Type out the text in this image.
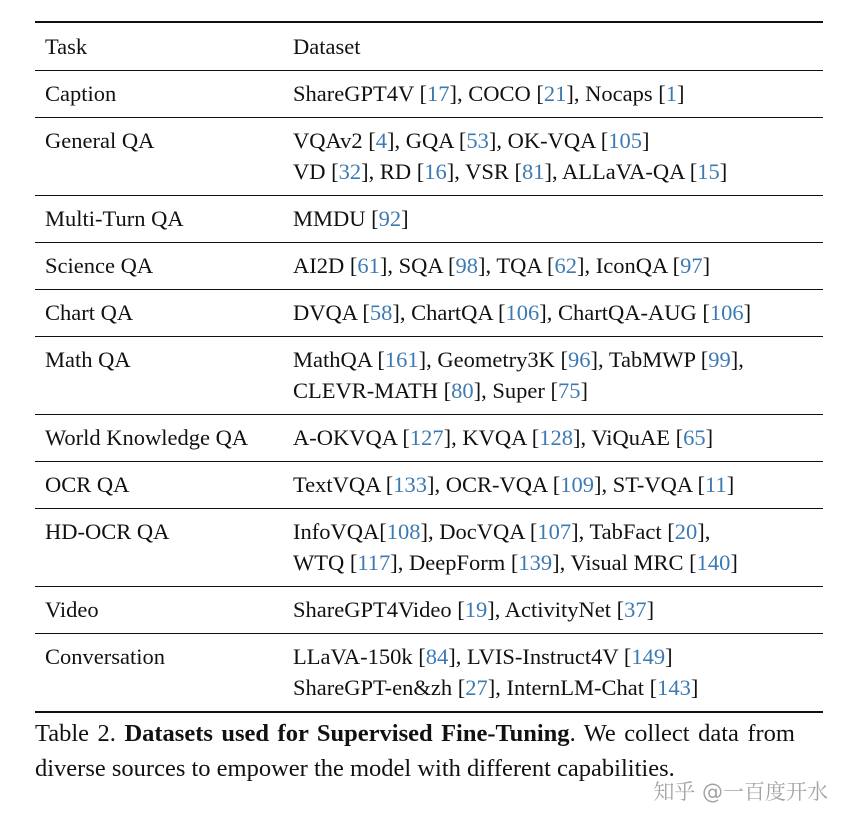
Task	Dataset
Caption	ShareGPT4V [17], COCO [21], Nocaps [1]
General QA	VQAv2 [4], GQA [53], OK-VQA [105]
VD [32], RD [16], VSR [81], ALLaVA-QA [15]
Multi-Turn QA	MMDU [92]
Science QA	AI2D [61], SQA [98], TQA [62], IconQA [97]
Chart QA	DVQA [58], ChartQA [106], ChartQA-AUG [106]
Math QA	MathQA [161], Geometry3K [96], TabMWP [99],
CLEVR-MATH [80], Super [75]
World Knowledge QA	A-OKVQA [127], KVQA [128], ViQuAE [65]
OCR QA	TextVQA [133], OCR-VQA [109], ST-VQA [11]
HD-OCR QA	InfoVQA[108], DocVQA [107], TabFact [20],
WTQ [117], DeepForm [139], Visual MRC [140]
Video	ShareGPT4Video [19], ActivityNet [37]
Conversation	LLaVA-150k [84], LVIS-Instruct4V [149]
ShareGPT-en&zh [27], InternLM-Chat [143]
Table 2. Datasets used for Supervised Fine-Tuning. We collect data from diverse sources to empower the model with different capabilities.
知乎 @一百度开水
